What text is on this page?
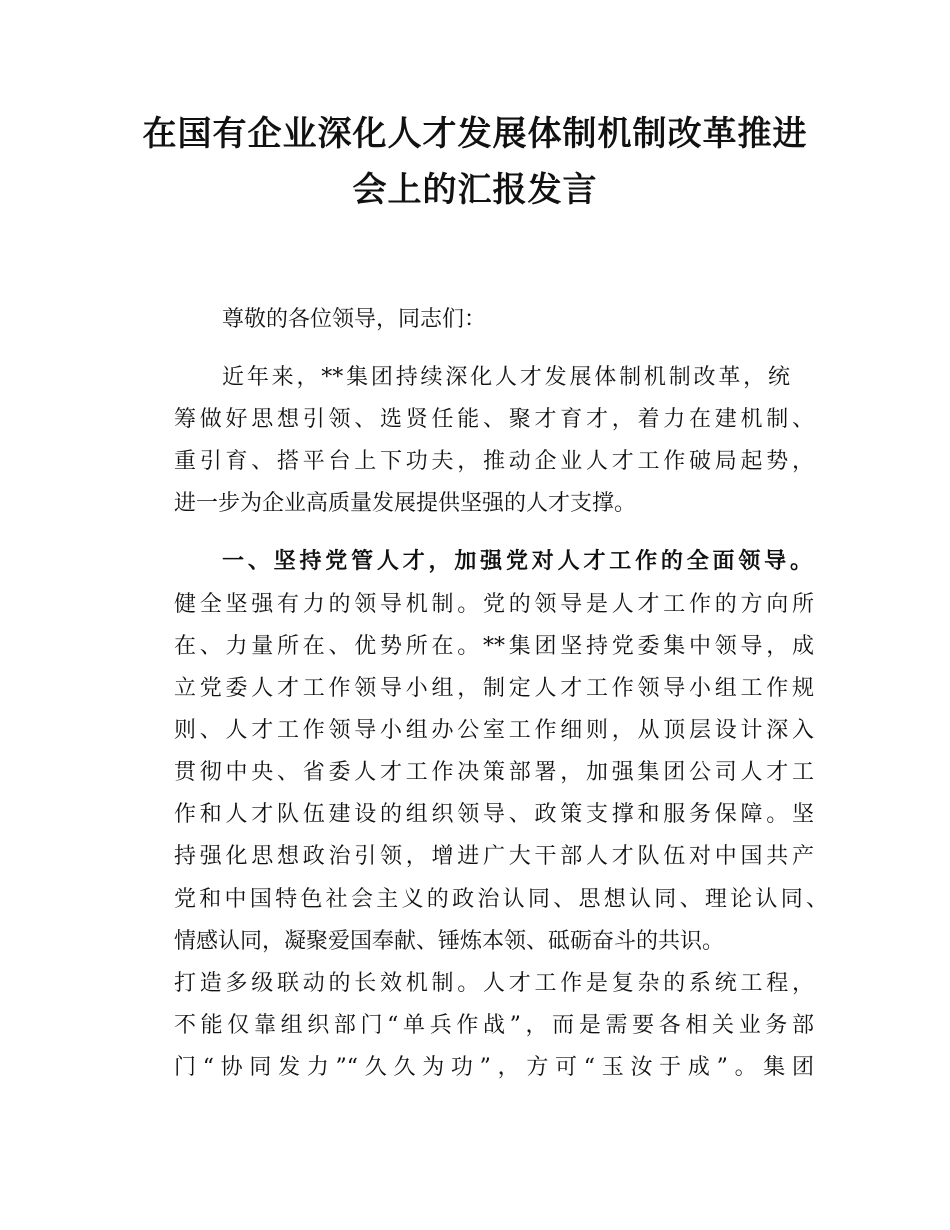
在国有企业深化人才发展体制机制改革推进
会上的汇报发言
尊敬的各位领导，同志们：
近年来，**集团持续深化人才发展体制机制改革，统
筹做好思想引领、选贤任能、聚才育才，着力在建机制、
重引育、搭平台上下功夫，推动企业人才工作破局起势，
进一步为企业高质量发展提供坚强的人才支撑。
一、坚持党管人才，加强党对人才工作的全面领导。
健全坚强有力的领导机制。党的领导是人才工作的方向所
在、力量所在、优势所在。**集团坚持党委集中领导，成
立党委人才工作领导小组，制定人才工作领导小组工作规
则、人才工作领导小组办公室工作细则，从顶层设计深入
贯彻中央、省委人才工作决策部署，加强集团公司人才工
作和人才队伍建设的组织领导、政策支撑和服务保障。坚
持强化思想政治引领，增进广大干部人才队伍对中国共产
党和中国特色社会主义的政治认同、思想认同、理论认同、
情感认同，凝聚爱国奉献、锤炼本领、砥砺奋斗的共识。
打造多级联动的长效机制。人才工作是复杂的系统工程，
不能仅靠组织部门“单兵作战”，而是需要各相关业务部
门“协同发力”“久久为功”，方可“玉汝于成”。集团
